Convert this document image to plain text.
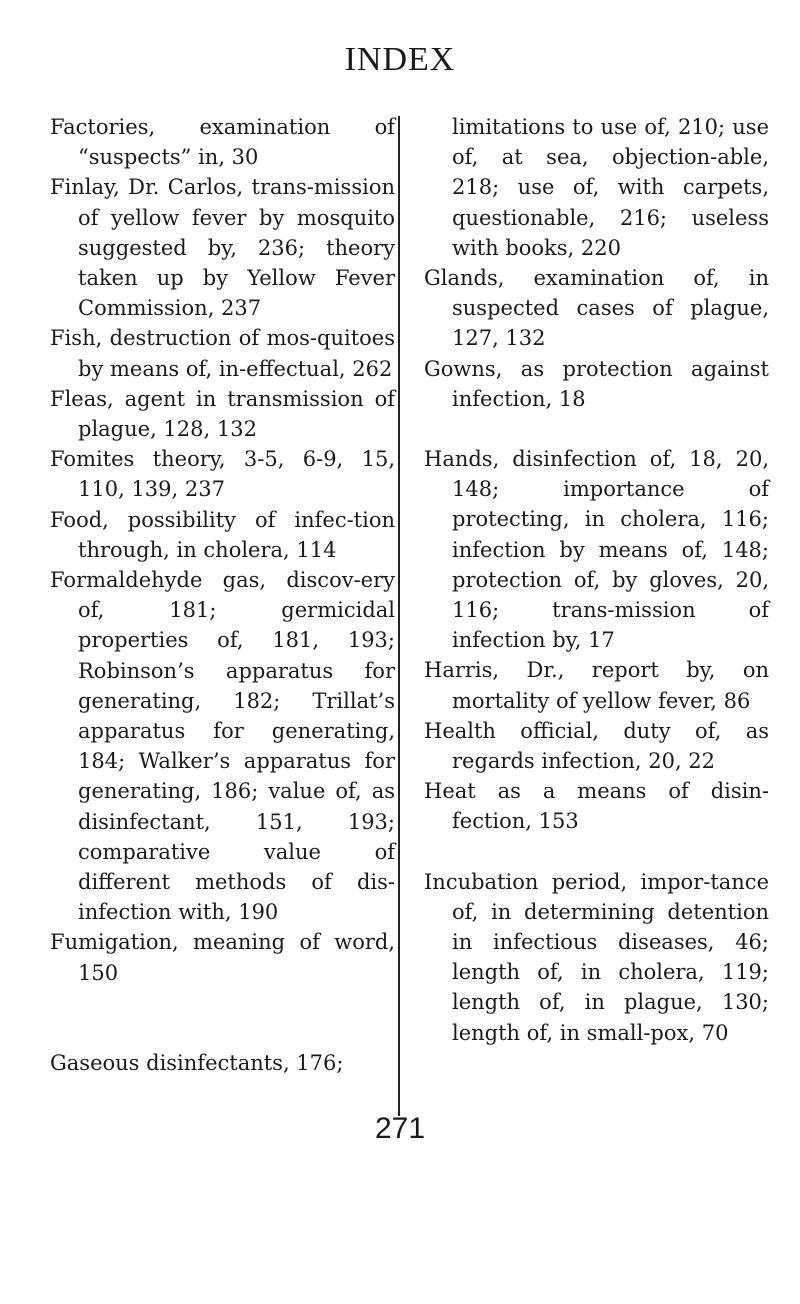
INDEX

Factories, examination of “suspects” in, 30

Finlay, Dr. Carlos, trans-mission of yellow fever by mosquito suggested by, 236; theory taken up by Yellow Fever Commission, 237

Fish, destruction of mos-quitoes by means of, in-effectual, 262

Fleas, agent in transmission of plague, 128, 132

Fomites theory, 3-5, 6-9, 15, 110, 139, 237

Food, possibility of infec-tion through, in cholera, 114

Formaldehyde gas, discov-ery of, 181; germicidal properties of, 181, 193; Robinson’s apparatus for generating, 182; Trillat’s apparatus for generating, 184; Walker’s apparatus for generating, 186; value of, as disinfectant, 151, 193; comparative value of different methods of dis-infection with, 190

Fumigation, meaning of word, 150

Gaseous disinfectants, 176;

limitations to use of, 210; use of, at sea, objection-able, 218; use of, with carpets, questionable, 216; useless with books, 220

Glands, examination of, in suspected cases of plague, 127, 132

Gowns, as protection against infection, 18

Hands, disinfection of, 18, 20, 148; importance of protecting, in cholera, 116; infection by means of, 148; protection of, by gloves, 20, 116; trans-mission of infection by, 17

Harris, Dr., report by, on mortality of yellow fever, 86

Health official, duty of, as regards infection, 20, 22

Heat as a means of disin-fection, 153

Incubation period, impor-tance of, in determining detention in infectious diseases, 46; length of, in cholera, 119; length of, in plague, 130; length of, in small-pox, 70

271
